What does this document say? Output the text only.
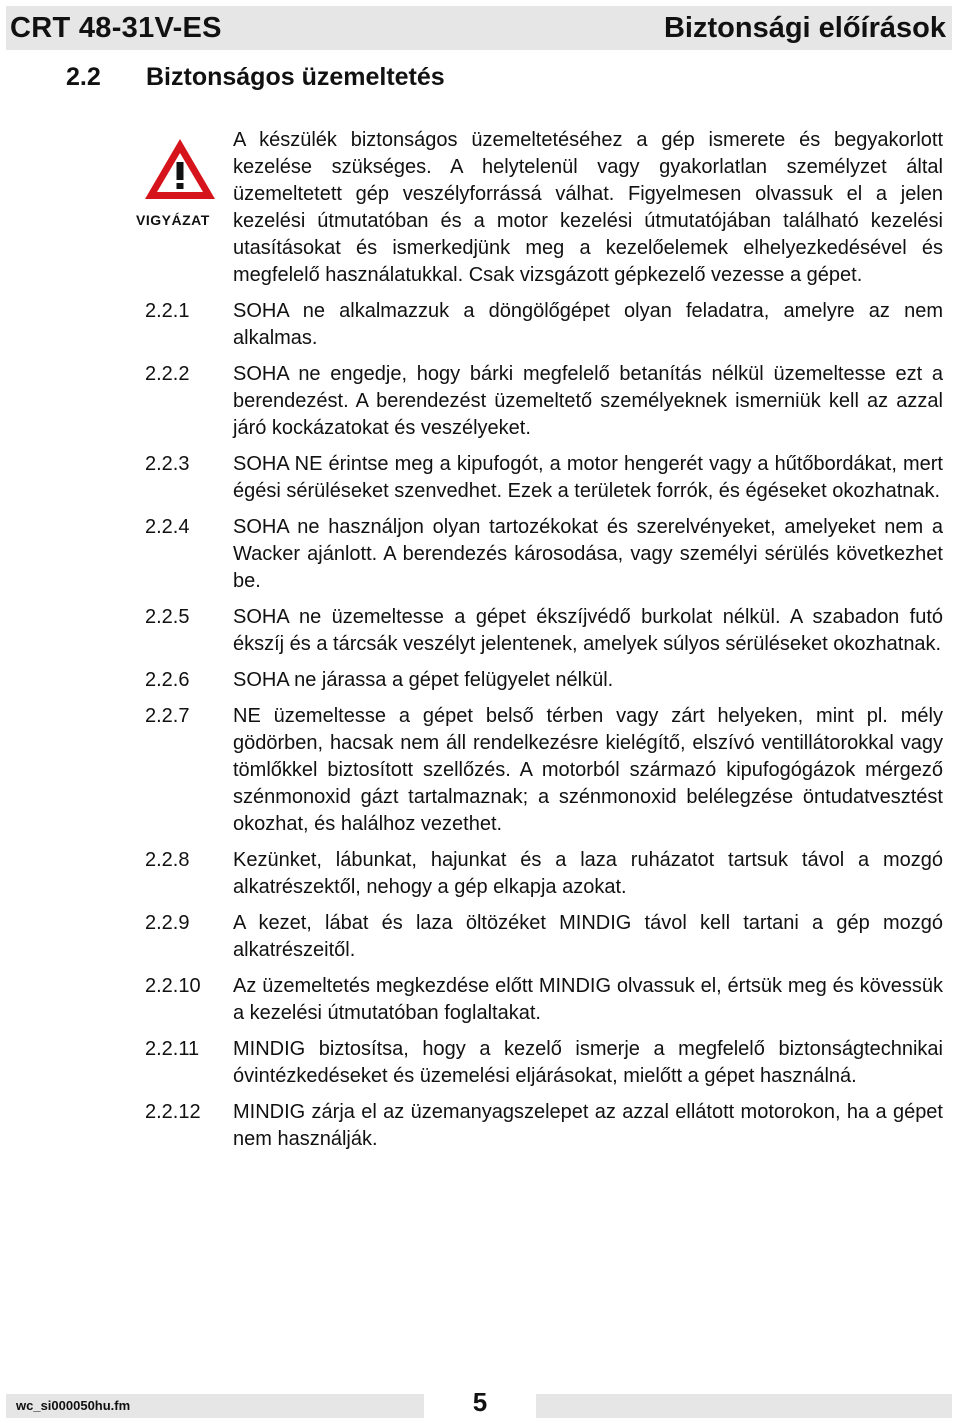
CRT 48-31V-ES	Biztonsági előírások
2.2 Biztonságos üzemeltetés
VIGYÁZAT
A készülék biztonságos üzemeltetéséhez a gép ismerete és begyakorlott kezelése szükséges. A helytelenül vagy gyakorlatlan személyzet által üzemeltetett gép veszélyforrássá válhat. Figyelmesen olvassuk el a jelen kezelési útmutatóban és a motor kezelési útmutatójában található kezelési utasításokat és ismerkedjünk meg a kezelőelemek elhelyezkedésével és megfelelő használatukkal. Csak vizsgázott gépkezelő vezesse a gépet.
2.2.1	SOHA ne alkalmazzuk a döngölőgépet olyan feladatra, amelyre az nem alkalmas.
2.2.2	SOHA ne engedje, hogy bárki megfelelő betanítás nélkül üzemeltesse ezt a berendezést. A berendezést üzemeltető személyeknek ismerniük kell az azzal járó kockázatokat és veszélyeket.
2.2.3	SOHA NE érintse meg a kipufogót, a motor hengerét vagy a hűtőbordákat, mert égési sérüléseket szenvedhet. Ezek a területek forrók, és égéseket okozhatnak.
2.2.4	SOHA ne használjon olyan tartozékokat és szerelvényeket, amelyeket nem a Wacker ajánlott. A berendezés károsodása, vagy személyi sérülés következhet be.
2.2.5	SOHA ne üzemeltesse a gépet ékszíjvédő burkolat nélkül. A szabadon futó ékszíj és a tárcsák veszélyt jelentenek, amelyek súlyos sérüléseket okozhatnak.
2.2.6	SOHA ne járassa a gépet felügyelet nélkül.
2.2.7	NE üzemeltesse a gépet belső térben vagy zárt helyeken, mint pl. mély gödörben, hacsak nem áll rendelkezésre kielégítő, elszívó ventillátorokkal vagy tömlőkkel biztosított szellőzés. A motorból származó kipufogógázok mérgező szénmonoxid gázt tartalmaznak; a szénmonoxid belélegzése öntudatvesztést okozhat, és halálhoz vezethet.
2.2.8	Kezünket, lábunkat, hajunkat és a laza ruházatot tartsuk távol a mozgó alkatrészektől, nehogy a gép elkapja azokat.
2.2.9	A kezet, lábat és laza öltözéket MINDIG távol kell tartani a gép mozgó alkatrészeitől.
2.2.10	Az üzemeltetés megkezdése előtt MINDIG olvassuk el, értsük meg és kövessük a kezelési útmutatóban foglaltakat.
2.2.11	MINDIG biztosítsa, hogy a kezelő ismerje a megfelelő biztonságtechnikai óvintézkedéseket és üzemelési eljárásokat, mielőtt a gépet használná.
2.2.12	MINDIG zárja el az üzemanyagszelepet az azzal ellátott motorokon, ha a gépet nem használják.
wc_si000050hu.fm	5
